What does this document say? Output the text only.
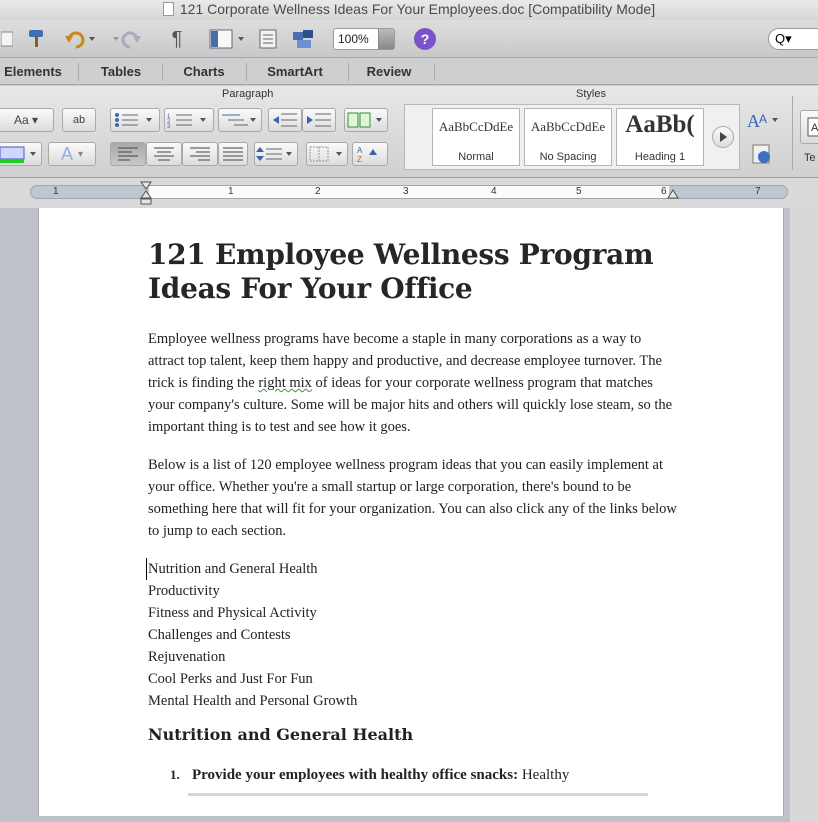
121 Corporate Wellness Ideas For Your Employees.doc [Compatibility Mode]
¶	100%	?	Q▾
Elements	Tables	Charts	SmartArt	Review
Paragraph	Styles
Aa ▾	ab
A
▾
1
2
3
A
Z
AaBbCcDdEe
Normal
AaBbCcDdEe
No Spacing
AaBb(
Heading 1
A A
A
Te
1	1	2	3	4	5	6	7
121 Employee Wellness Program Ideas For Your Office
Employee wellness programs have become a staple in many corporations as a way to attract top talent, keep them happy and productive, and decrease employee turnover. The trick is finding the right mix of ideas for your corporate wellness program that matches your company's culture. Some will be major hits and others will quickly lose steam, so the important thing is to test and see how it goes.
Below is a list of 120 employee wellness program ideas that you can easily implement at your office. Whether you're a small startup or large corporation, there's bound to be something here that will fit for your organization. You can also click any of the links below to jump to each section.
Nutrition and General Health
Productivity
Fitness and Physical Activity
Challenges and Contests
Rejuvenation
Cool Perks and Just For Fun
Mental Health and Personal Growth
Nutrition and General Health
1. Provide your employees with healthy office snacks: Healthy
